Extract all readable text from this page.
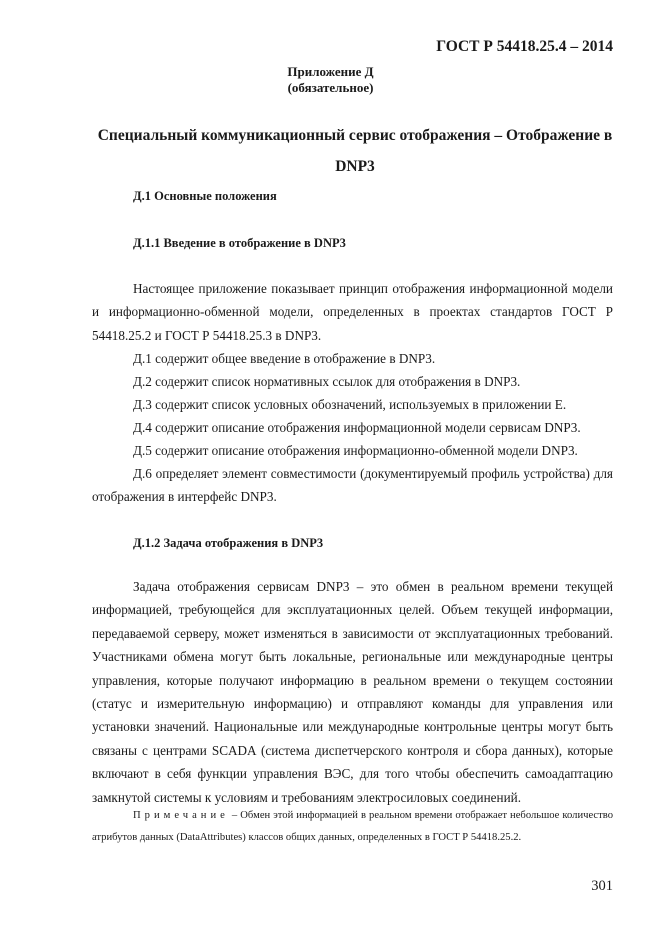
ГОСТ Р 54418.25.4 – 2014
Приложение Д
(обязательное)
Специальный коммуникационный сервис отображения – Отображение в DNP3
Д.1 Основные положения
Д.1.1 Введение в отображение в DNP3

Настоящее приложение показывает принцип отображения информационной модели и информационно-обменной модели, определенных в проектах стандартов ГОСТ Р 54418.25.2 и ГОСТ Р 54418.25.3 в DNP3.

Д.1 содержит общее введение в отображение в DNP3.
Д.2 содержит список нормативных ссылок для отображения в DNP3.
Д.3 содержит список условных обозначений, используемых в приложении Е.
Д.4 содержит описание отображения информационной модели сервисам DNP3.
Д.5 содержит описание отображения информационно-обменной модели DNP3.

Д.6 определяет элемент совместимости (документируемый профиль устройства) для отображения в интерфейс DNP3.

Д.1.2 Задача отображения в DNP3

Задача отображения сервисам DNP3 – это обмен в реальном времени текущей информацией, требующейся для эксплуатационных целей. Объем текущей информации, передаваемой серверу, может изменяться в зависимости от эксплуатационных требований. Участниками обмена могут быть локальные, региональные или международные центры управления, которые получают информацию в реальном времени о текущем состоянии (статус и измерительную информацию) и отправляют команды для управления или установки значений. Национальные или международные контрольные центры могут быть связаны с центрами SCADA (система диспетчерского контроля и сбора данных), которые включают в себя функции управления ВЭС, для того чтобы обеспечить самоадаптацию замкнутой системы к условиям и требованиям электросиловых соединений.

Примечание – Обмен этой информацией в реальном времени отображает небольшое количество атрибутов данных (DataAttributes) классов общих данных, определенных в ГОСТ Р 54418.25.2.

301
